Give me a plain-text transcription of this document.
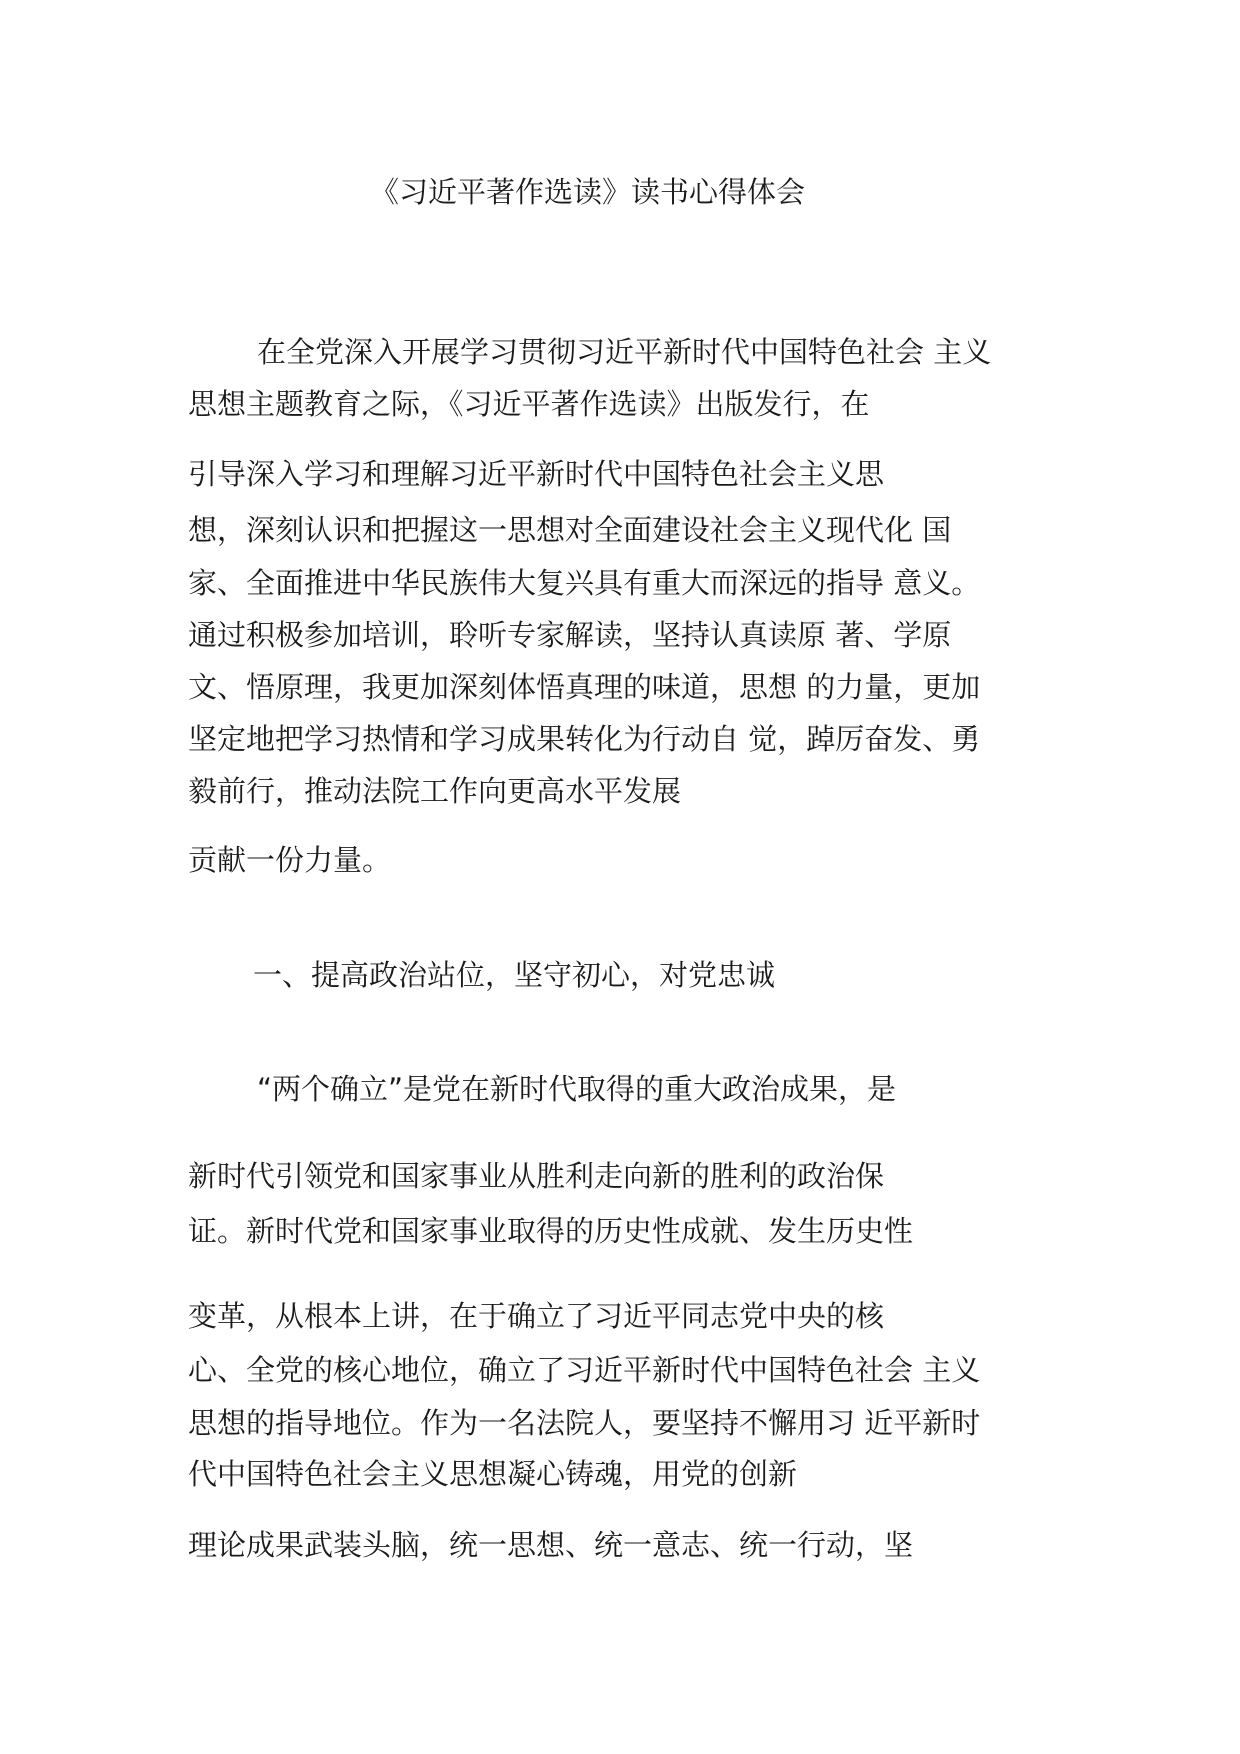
《习近平著作选读》读书心得体会
在全党深入开展学习贯彻习近平新时代中国特色社会 主义
思想主题教育之际，《习近平著作选读》出版发行，在
引导深入学习和理解习近平新时代中国特色社会主义思
想，深刻认识和把握这一思想对全面建设社会主义现代化 国
家、全面推进中华民族伟大复兴具有重大而深远的指导 意义。
通过积极参加培训，聆听专家解读，坚持认真读原 著、学原
文、悟原理，我更加深刻体悟真理的味道，思想 的力量，更加
坚定地把学习热情和学习成果转化为行动自 觉，踔厉奋发、勇
毅前行，推动法院工作向更高水平发展
贡献一份力量。
一、提高政治站位，坚守初心，对党忠诚
“两个确立”是党在新时代取得的重大政治成果，是
新时代引领党和国家事业从胜利走向新的胜利的政治保
证。新时代党和国家事业取得的历史性成就、发生历史性
变革，从根本上讲，在于确立了习近平同志党中央的核
心、全党的核心地位，确立了习近平新时代中国特色社会 主义
思想的指导地位。作为一名法院人，要坚持不懈用习 近平新时
代中国特色社会主义思想凝心铸魂，用党的创新
理论成果武装头脑，统一思想、统一意志、统一行动，坚
